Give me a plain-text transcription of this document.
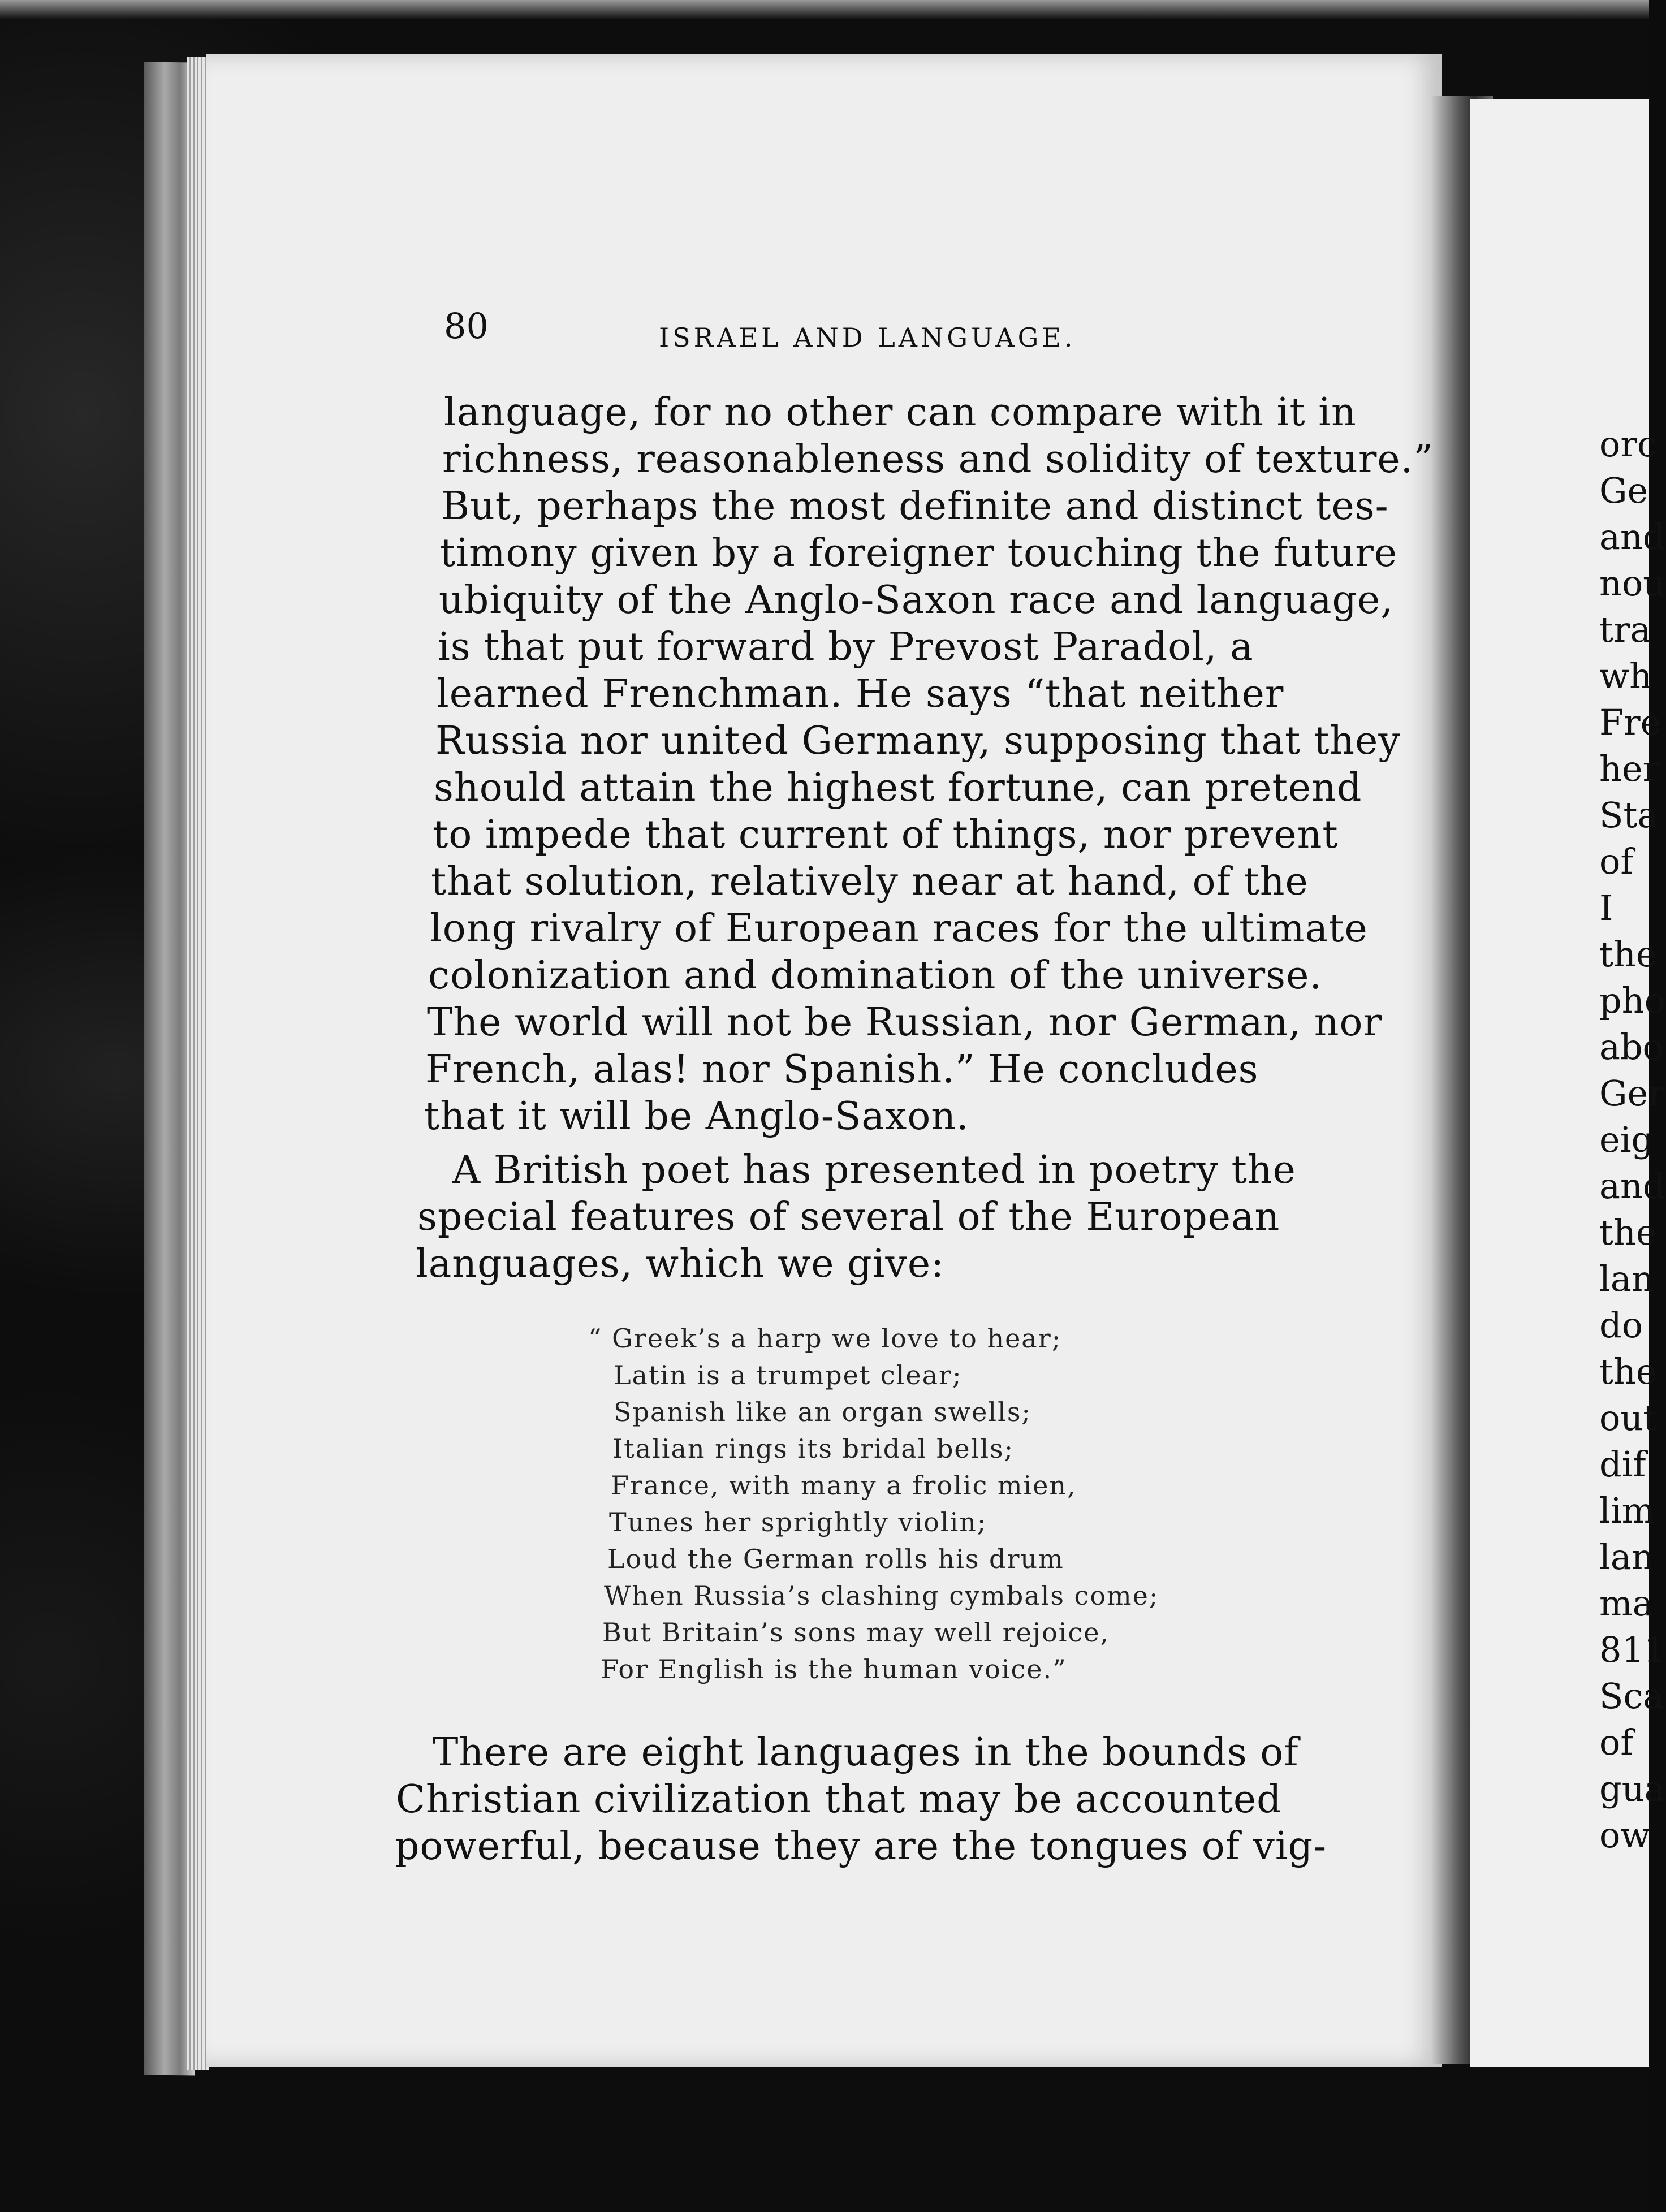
orc
Ge
and
nou
tra
wh
Fre
her
Sta
of
I
the
pho
abo
Ger
eig
and
the
lan
do
the
out
dif
lim
lan
ma
811
Sca
of
gua
ow
80	ISRAEL AND LANGUAGE.
language, for no other can compare with it in
richness, reasonableness and solidity of texture.”
But, perhaps the most definite and distinct tes-
timony given by a foreigner touching the future
ubiquity of the Anglo-Saxon race and language,
is that put forward by Prevost Paradol, a
learned Frenchman. He says “that neither
Russia nor united Germany, supposing that they
should attain the highest fortune, can pretend
to impede that current of things, nor prevent
that solution, relatively near at hand, of the
long rivalry of European races for the ultimate
colonization and domination of the universe.
The world will not be Russian, nor German, nor
French, alas! nor Spanish.” He concludes
that it will be Anglo-Saxon.
A British poet has presented in poetry the
special features of several of the European
languages, which we give:
“ Greek’s a harp we love to hear;
Latin is a trumpet clear;
Spanish like an organ swells;
Italian rings its bridal bells;
France, with many a frolic mien,
Tunes her sprightly violin;
Loud the German rolls his drum
When Russia’s clashing cymbals come;
But Britain’s sons may well rejoice,
For English is the human voice.”
There are eight languages in the bounds of
Christian civilization that may be accounted
powerful, because they are the tongues of vig-
